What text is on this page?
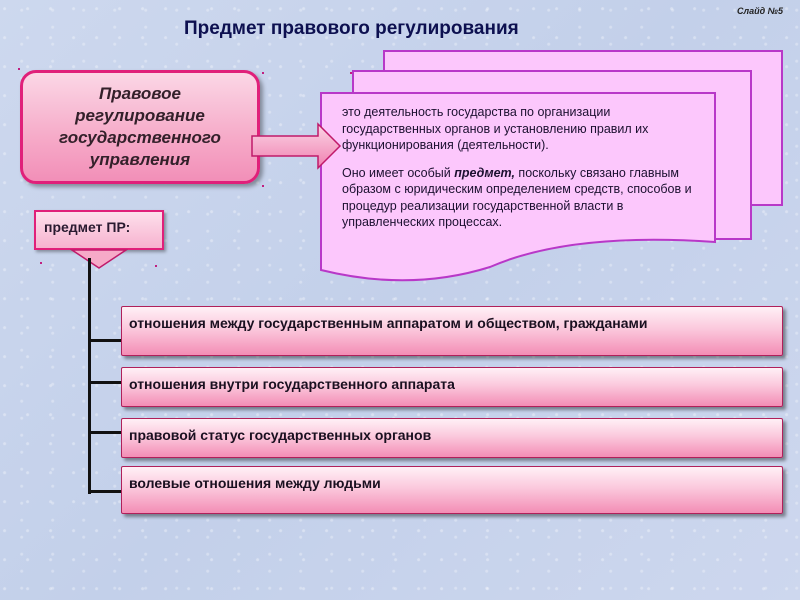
Слайд №5
Предмет правового регулирования

это деятельность государства по организации государственных органов и установлению правил их функционирования (деятельности).

Оно имеет особый предмет, поскольку связано главным образом с юридическим определением средств, способов и процедур реализации государственной власти в управленческих процессах.

Правовое
регулирование
государственного
управления
предмет ПР:
отношения между государственным аппаратом и обществом, гражданами
отношения внутри государственного аппарата
правовой статус государственных органов
волевые отношения между людьми
